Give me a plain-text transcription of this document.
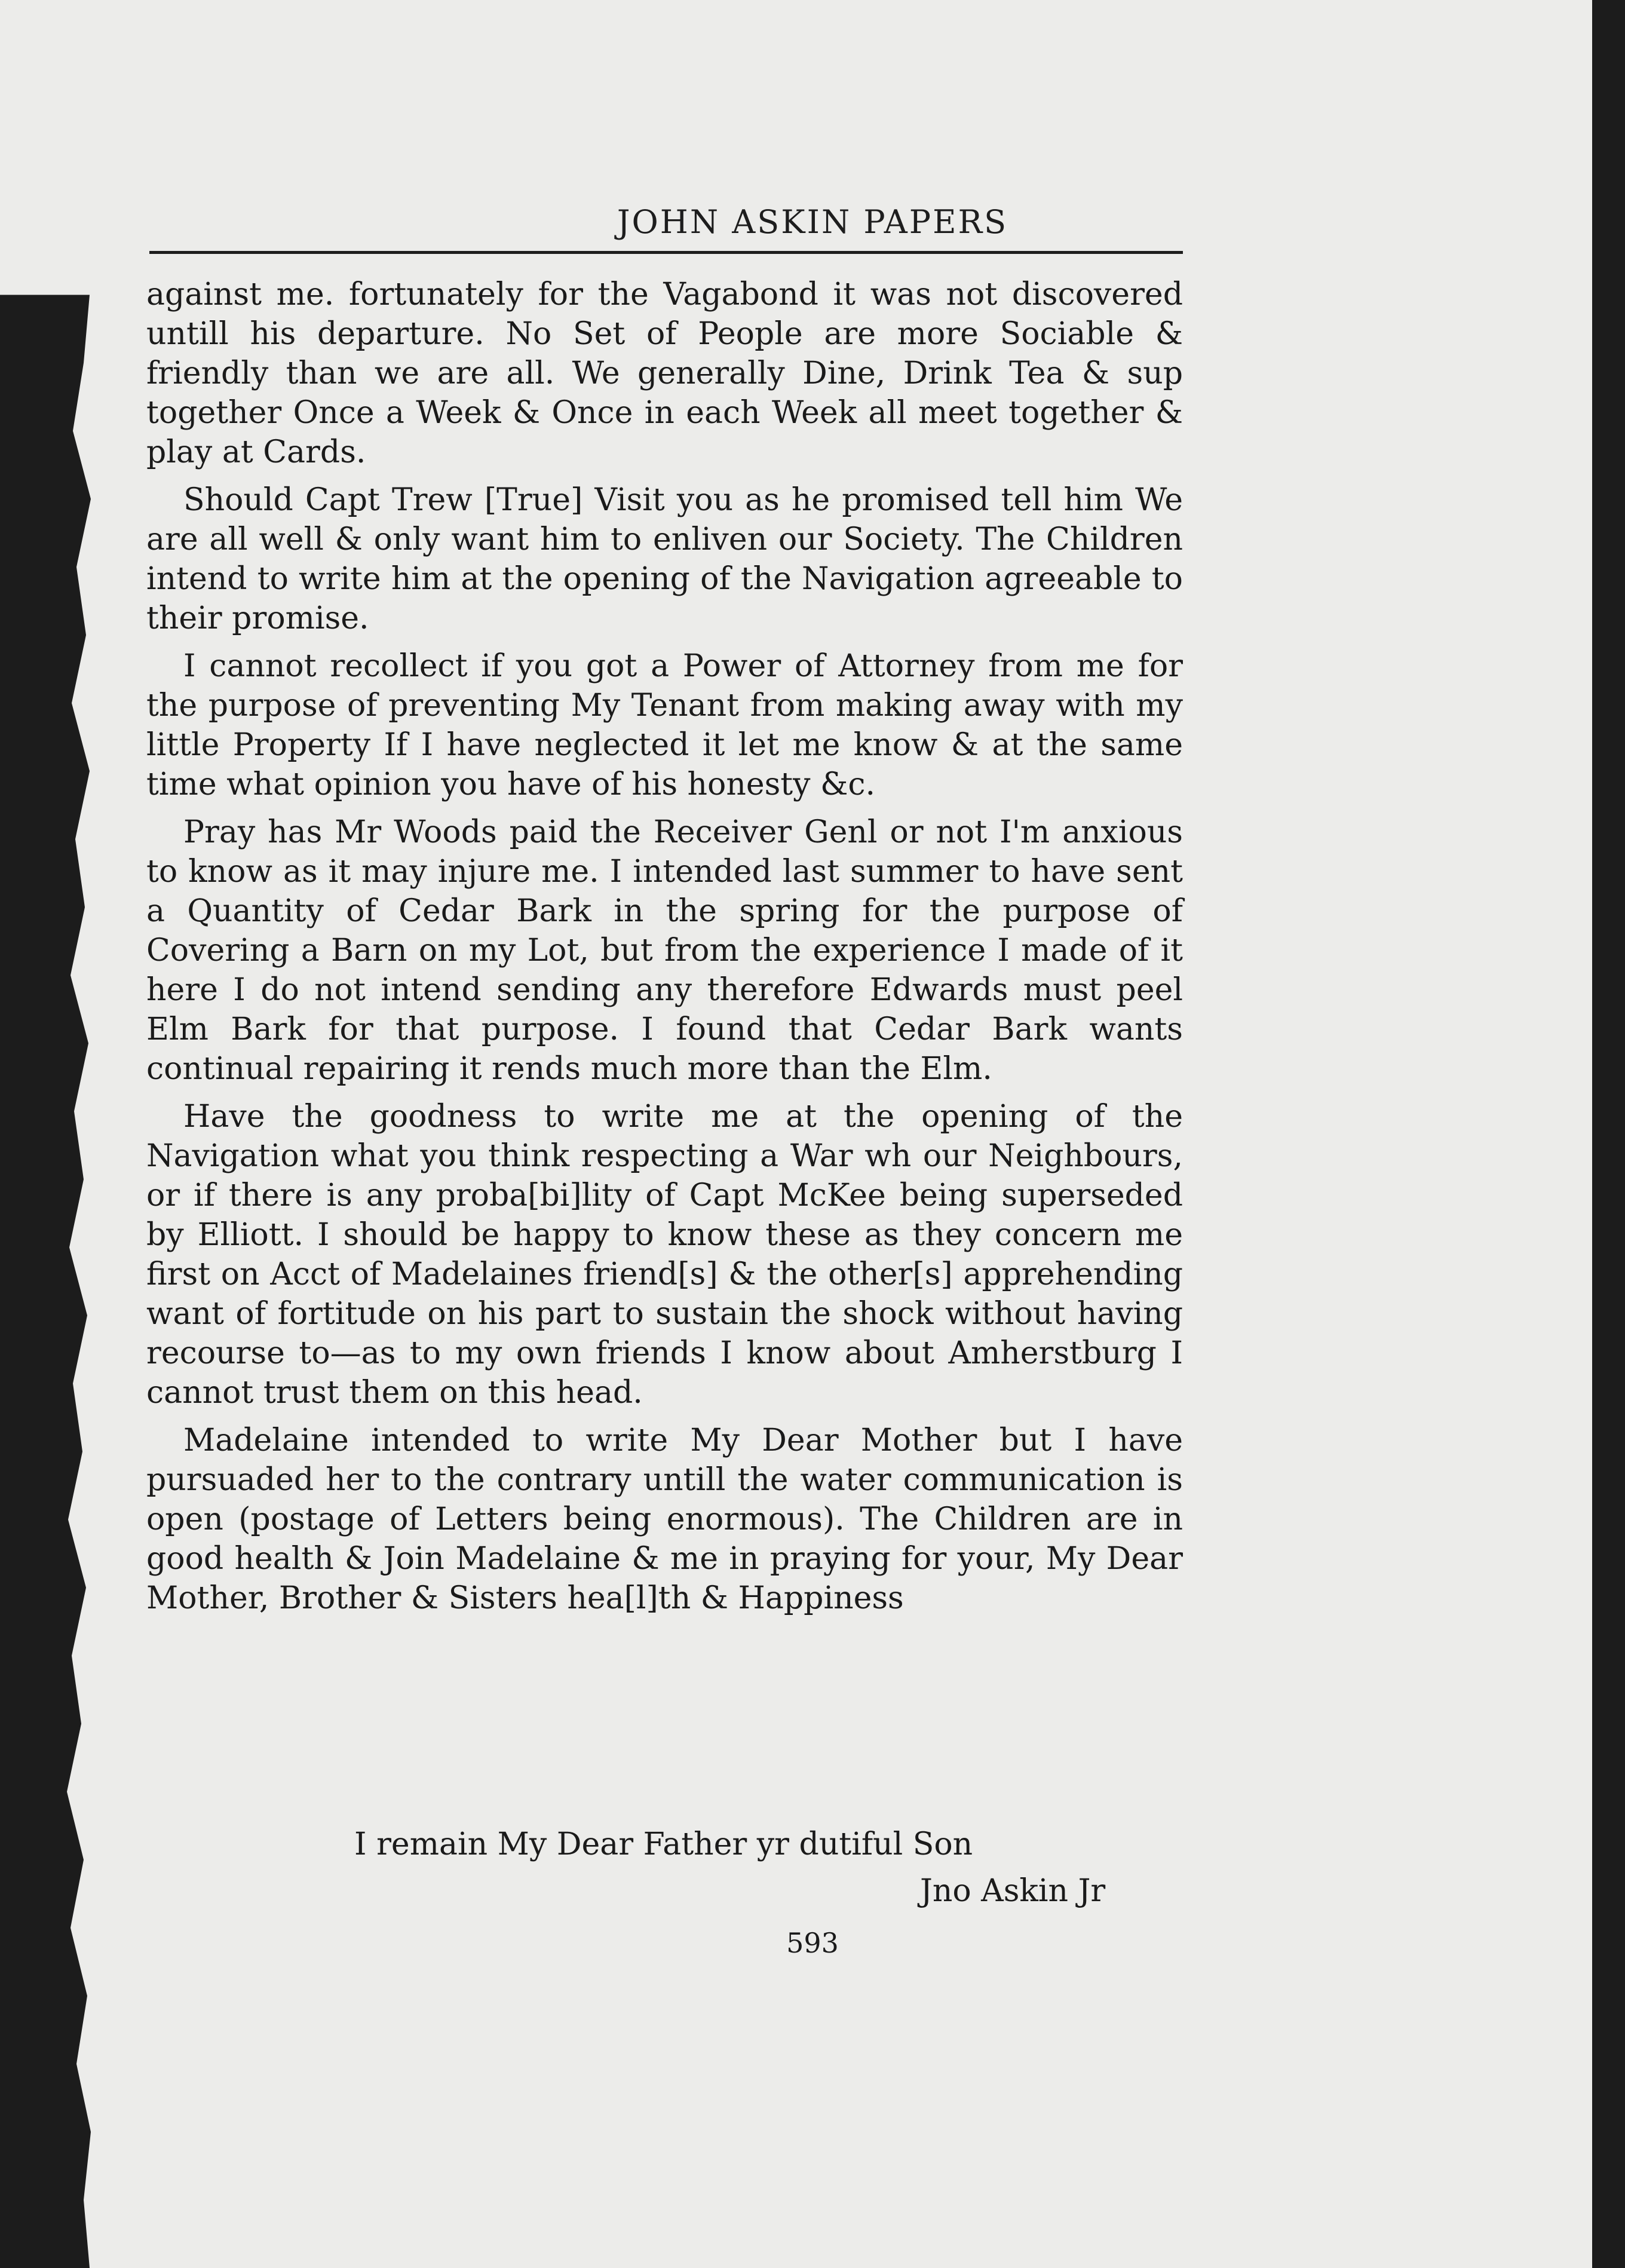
JOHN ASKIN PAPERS

against me. fortunately for the Vagabond it was not discovered untill his departure. No Set of People are more Sociable & friendly than we are all. We generally Dine, Drink Tea & sup together Once a Week & Once in each Week all meet together & play at Cards.

Should Capt Trew [True] Visit you as he promised tell him We are all well & only want him to enliven our Society. The Children intend to write him at the opening of the Navigation agreeable to their promise.

I cannot recollect if you got a Power of Attorney from me for the purpose of preventing My Tenant from making away with my little Property If I have neglected it let me know & at the same time what opinion you have of his honesty &c.

Pray has Mr Woods paid the Receiver Genl or not I'm anxious to know as it may injure me. I intended last summer to have sent a Quantity of Cedar Bark in the spring for the purpose of Covering a Barn on my Lot, but from the experience I made of it here I do not intend sending any therefore Edwards must peel Elm Bark for that purpose. I found that Cedar Bark wants continual repairing it rends much more than the Elm.

Have the goodness to write me at the opening of the Navigation what you think respecting a War wh our Neighbours, or if there is any proba[bi]lity of Capt McKee being superseded by Elliott. I should be happy to know these as they concern me first on Acct of Madelaines friend[s] & the other[s] apprehending want of fortitude on his part to sustain the shock without having recourse to—as to my own friends I know about Amherstburg I cannot trust them on this head.

Madelaine intended to write My Dear Mother but I have pursuaded her to the contrary untill the water communication is open (postage of Letters being enormous). The Children are in good health & Join Madelaine & me in praying for your, My Dear Mother, Brother & Sisters hea[l]th & Happiness

I remain My Dear Father yr dutiful Son
Jno Askin Jr
593
